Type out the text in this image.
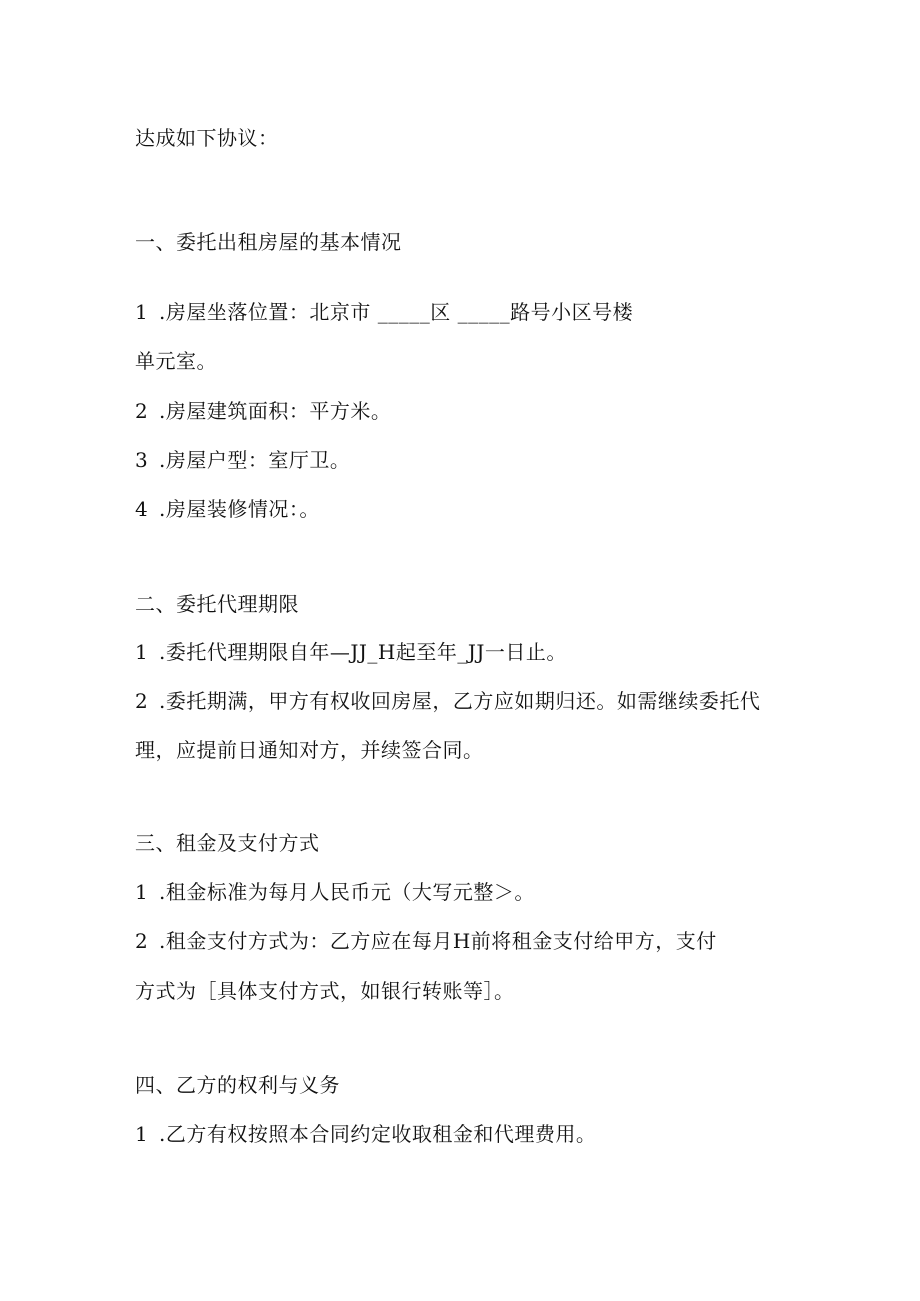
达成如下协议：
一、委托出租房屋的基本情况
1 .房屋坐落位置：北京市 _____区 _____路号小区号楼
单元室。
2 .房屋建筑面积：平方米。
3 .房屋户型：室厅卫。
4 .房屋装修情况：。
二、委托代理期限
1 .委托代理期限自年—JJ_H起至年_JJ一日止。
2 .委托期满，甲方有权收回房屋，乙方应如期归还。如需继续委托代
理，应提前日通知对方，并续签合同。
三、租金及支付方式
1 .租金标准为每月人民币元（大写元整＞。
2 .租金支付方式为：乙方应在每月H前将租金支付给甲方，支付
方式为［具体支付方式，如银行转账等］。
四、乙方的权利与义务
1 .乙方有权按照本合同约定收取租金和代理费用。
